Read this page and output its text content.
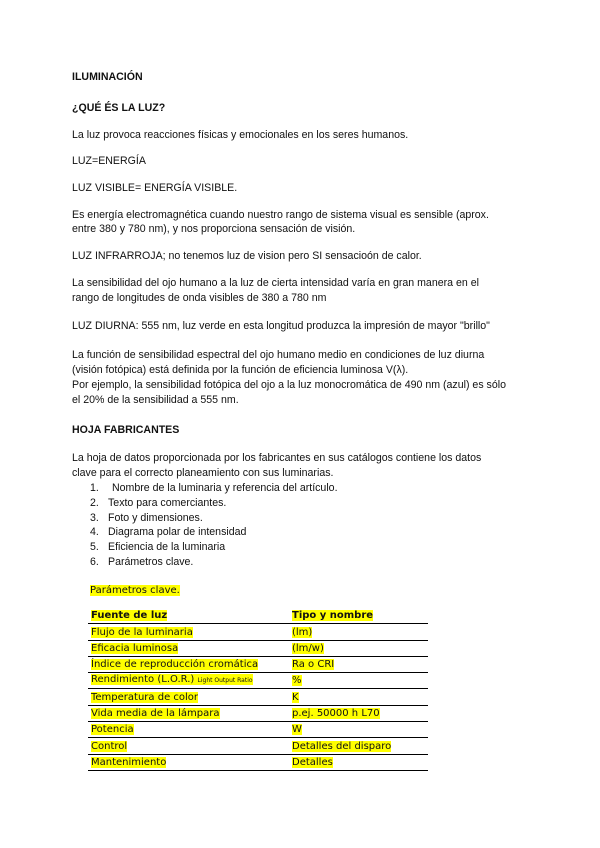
ILUMINACIÓN

¿QUÉ ÉS LA LUZ?

La luz provoca reacciones físicas y emocionales en los seres humanos.

LUZ=ENERGÍA

LUZ VISIBLE= ENERGÍA VISIBLE.

Es energía electromagnética cuando nuestro rango de sistema visual es sensible (aprox.

entre 380 y 780 nm), y nos proporciona sensación de visión.

LUZ INFRARROJA; no tenemos luz de vision pero SI sensacioón de calor.

La sensibilidad del ojo humano a la luz de cierta intensidad varía en gran manera en el

rango de longitudes de onda visibles de 380 a 780 nm

LUZ DIURNA: 555 nm, luz verde en esta longitud produzca la impresión de mayor "brillo"

La función de sensibilidad espectral del ojo humano medio en condiciones de luz diurna

(visión fotópica) está definida por la función de eficiencia luminosa V(λ).

Por ejemplo, la sensibilidad fotópica del ojo a la luz monocromática de 490 nm (azul) es sólo

el 20% de la sensibilidad a 555 nm.

HOJA FABRICANTES

La hoja de datos proporcionada por los fabricantes en sus catálogos contiene los datos

clave para el correcto planeamiento con sus luminarias.

1. Nombre de la luminaria y referencia del artículo.
2. Texto para comerciantes.
3. Foto y dimensiones.
4. Diagrama polar de intensidad
5. Eficiencia de la luminaria
6. Parámetros clave.
Parámetros clave.
Fuente de luz	Tipo y nombre
Flujo de la luminaria	(lm)
Eficacia luminosa	(lm/w)
Índice de reproducción cromática	Ra o CRI
Rendimiento (L.O.R.) Light Output Ratio	%
Temperatura de color	K
Vida media de la lámpara	p.ej. 50000 h L70
Potencia	W
Control	Detalles del disparo
Mantenimiento	Detalles
